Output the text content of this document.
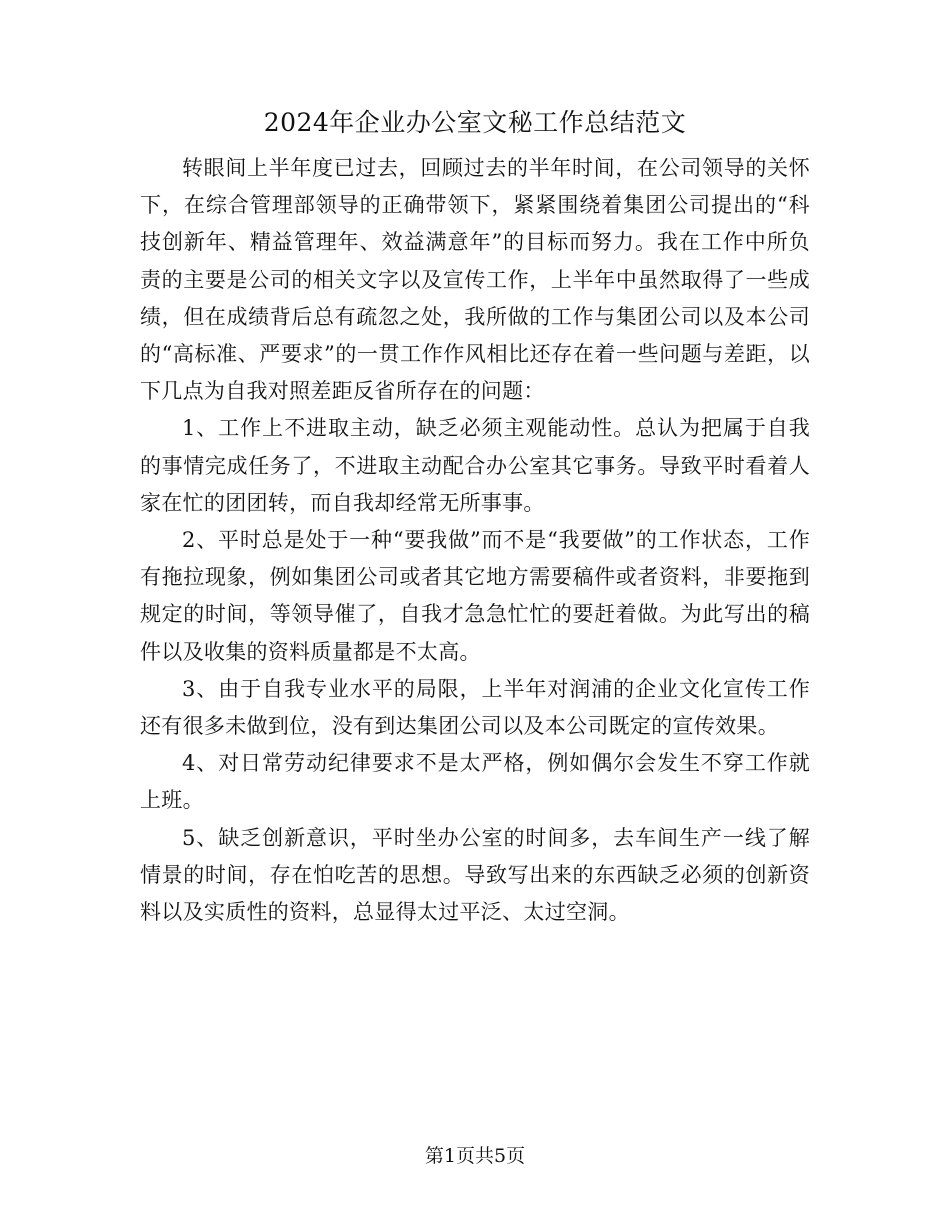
2024年企业办公室文秘工作总结范文

转眼间上半年度已过去，回顾过去的半年时间，在公司领导的关怀下，在综合管理部领导的正确带领下，紧紧围绕着集团公司提出的“科技创新年、精益管理年、效益满意年”的目标而努力。我在工作中所负责的主要是公司的相关文字以及宣传工作，上半年中虽然取得了一些成绩，但在成绩背后总有疏忽之处，我所做的工作与集团公司以及本公司的“高标准、严要求”的一贯工作作风相比还存在着一些问题与差距，以下几点为自我对照差距反省所存在的问题：

1、工作上不进取主动，缺乏必须主观能动性。总认为把属于自我的事情完成任务了，不进取主动配合办公室其它事务。导致平时看着人家在忙的团团转，而自我却经常无所事事。

2、平时总是处于一种“要我做”而不是“我要做”的工作状态，工作有拖拉现象，例如集团公司或者其它地方需要稿件或者资料，非要拖到规定的时间，等领导催了，自我才急急忙忙的要赶着做。为此写出的稿件以及收集的资料质量都是不太高。

3、由于自我专业水平的局限，上半年对润浦的企业文化宣传工作还有很多未做到位，没有到达集团公司以及本公司既定的宣传效果。

4、对日常劳动纪律要求不是太严格，例如偶尔会发生不穿工作就上班。

5、缺乏创新意识，平时坐办公室的时间多，去车间生产一线了解情景的时间，存在怕吃苦的思想。导致写出来的东西缺乏必须的创新资料以及实质性的资料，总显得太过平泛、太过空洞。

第1页共5页
